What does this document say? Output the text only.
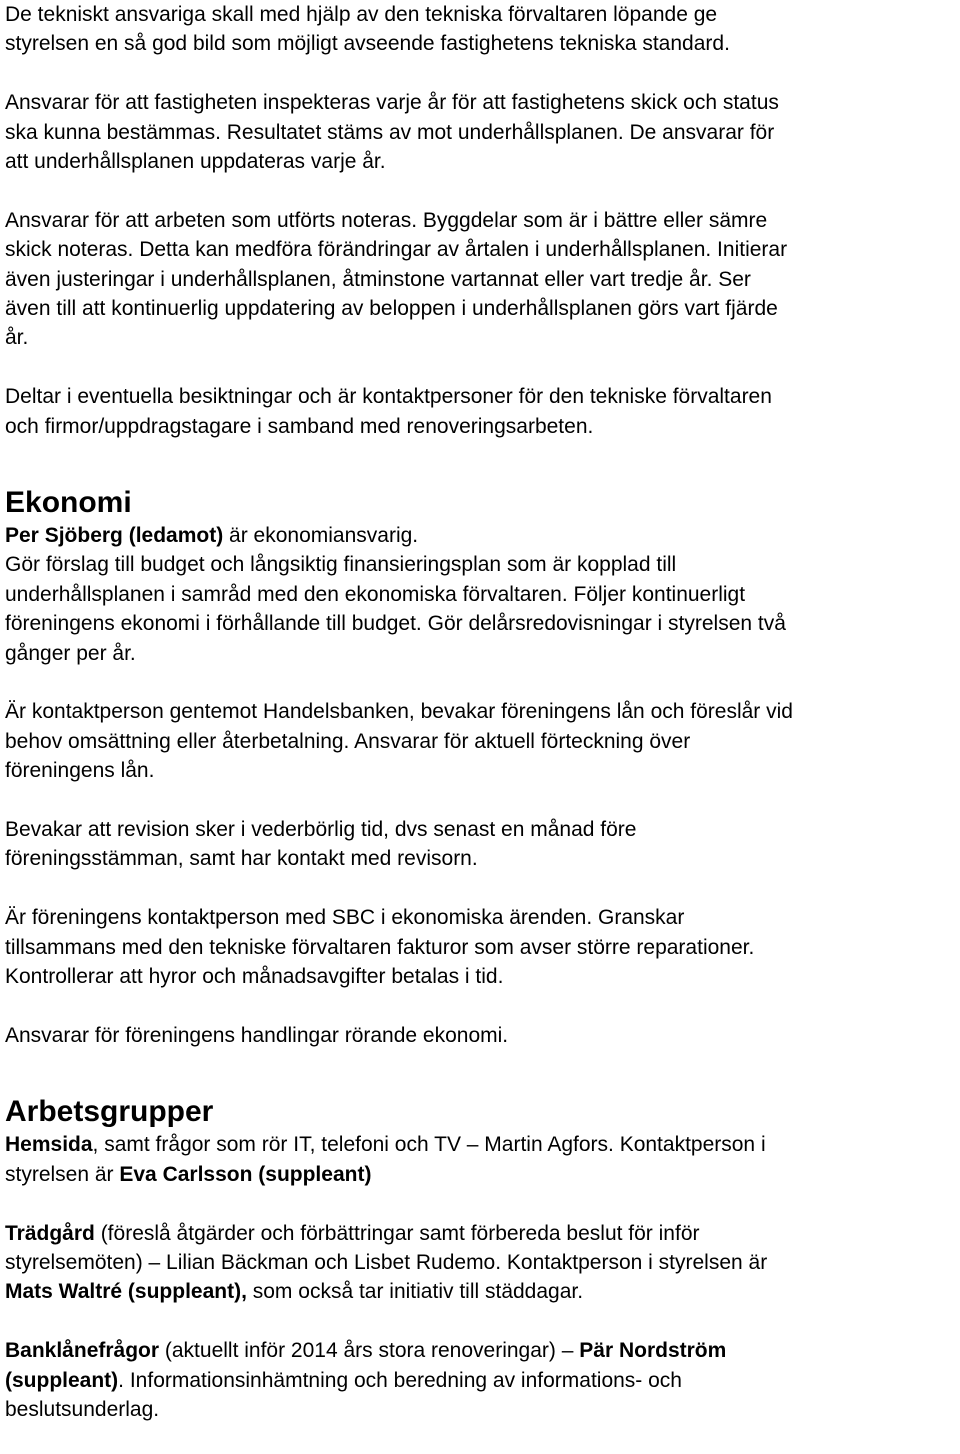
De tekniskt ansvariga skall med hjälp av den tekniska förvaltaren löpande ge

styrelsen en så god bild som möjligt avseende fastighetens tekniska standard.

Ansvarar för att fastigheten inspekteras varje år för att fastighetens skick och status

ska kunna bestämmas. Resultatet stäms av mot underhållsplanen. De ansvarar för

att underhållsplanen uppdateras varje år.

Ansvarar för att arbeten som utförts noteras. Byggdelar som är i bättre eller sämre

skick noteras. Detta kan medföra förändringar av årtalen i underhållsplanen. Initierar

även justeringar i underhållsplanen, åtminstone vartannat eller vart tredje år. Ser

även till att kontinuerlig uppdatering av beloppen i underhållsplanen görs vart fjärde

år.

Deltar i eventuella besiktningar och är kontaktpersoner för den tekniske förvaltaren

och firmor/uppdragstagare i samband med renoveringsarbeten.

Ekonomi

Per Sjöberg (ledamot) är ekonomiansvarig.

Gör förslag till budget och långsiktig finansieringsplan som är kopplad till

underhållsplanen i samråd med den ekonomiska förvaltaren. Följer kontinuerligt

föreningens ekonomi i förhållande till budget. Gör delårsredovisningar i styrelsen två

gånger per år.

Är kontaktperson gentemot Handelsbanken, bevakar föreningens lån och föreslår vid

behov omsättning eller återbetalning. Ansvarar för aktuell förteckning över

föreningens lån.

Bevakar att revision sker i vederbörlig tid, dvs senast en månad före

föreningsstämman, samt har kontakt med revisorn.

Är föreningens kontaktperson med SBC i ekonomiska ärenden. Granskar

tillsammans med den tekniske förvaltaren fakturor som avser större reparationer.

Kontrollerar att hyror och månadsavgifter betalas i tid.

Ansvarar för föreningens handlingar rörande ekonomi.

Arbetsgrupper

Hemsida, samt frågor som rör IT, telefoni och TV – Martin Agfors. Kontaktperson i

styrelsen är Eva Carlsson (suppleant)

Trädgård (föreslå åtgärder och förbättringar samt förbereda beslut för inför

styrelsemöten) – Lilian Bäckman och Lisbet Rudemo. Kontaktperson i styrelsen är

Mats Waltré (suppleant), som också tar initiativ till städdagar.

Banklånefrågor (aktuellt inför 2014 års stora renoveringar) – Pär Nordström

(suppleant). Informationsinhämtning och beredning av informations- och

beslutsunderlag.
